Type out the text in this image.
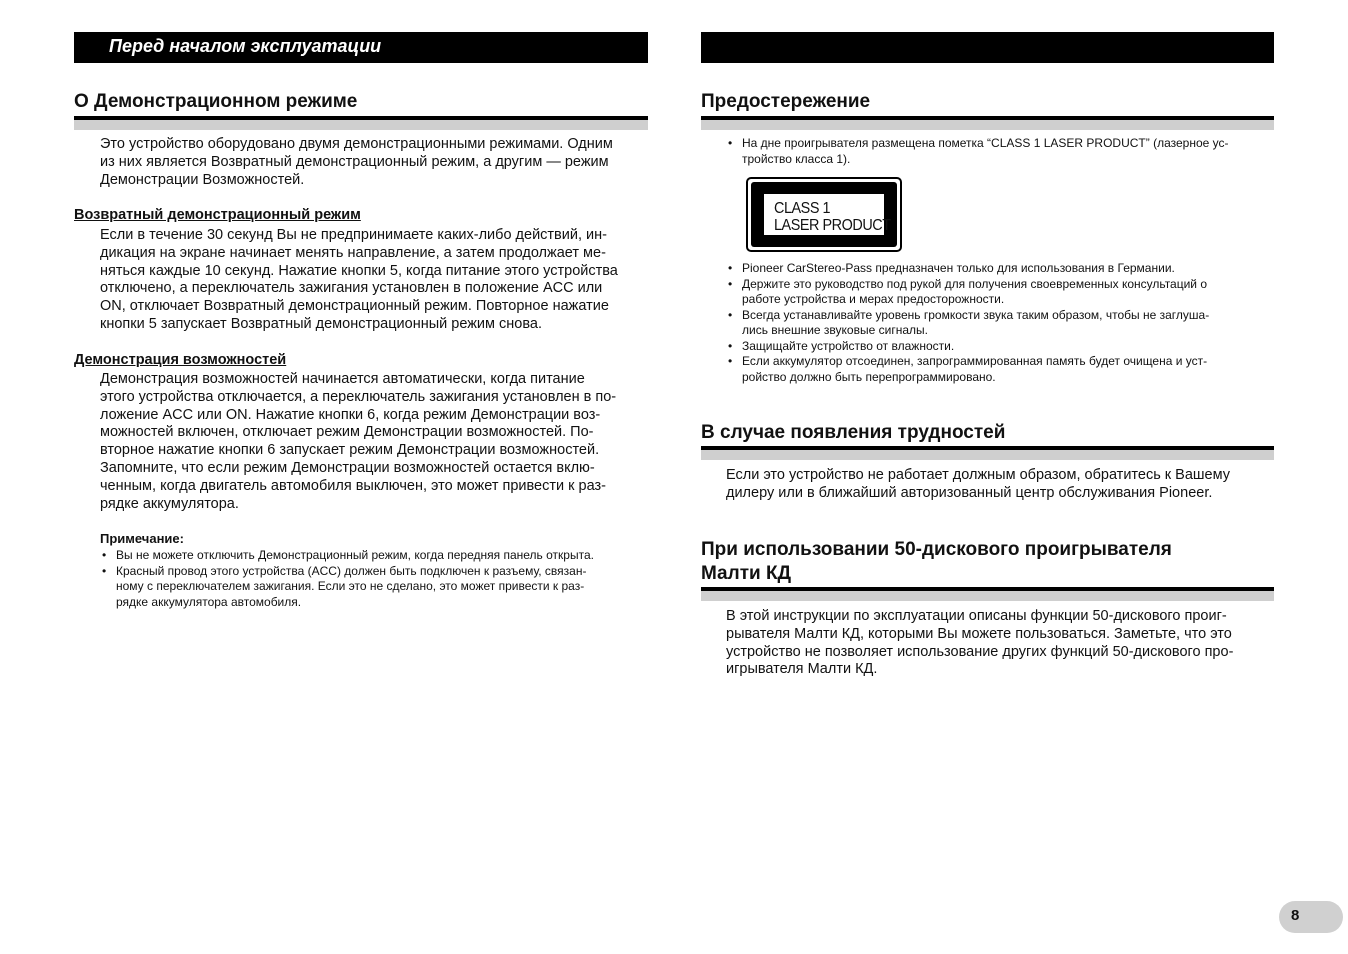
Перед началом эксплуатации
О Демонстрационном режиме
Это устройство оборудовано двумя демонстрационными режимами. Одним
из них является Возвратный демонстрационный режим, а другим — режим
Демонстрации Возможностей.
Возвратный демонстрационный режим
Если в течение 30 секунд Вы не предпринимаете каких-либо действий, ин-
дикация на экране начинает менять направление, а затем продолжает ме-
няться каждые 10 секунд. Нажатие кнопки 5, когда питание этого устройства
отключено, а переключатель зажигания установлен в положение ACC или
ON, отключает Возвратный демонстрационный режим. Повторное нажатие
кнопки 5 запускает Возвратный демонстрационный режим снова.
Демонстрация возможностей
Демонстрация возможностей начинается автоматически, когда питание
этого устройства отключается, а переключатель зажигания установлен в по-
ложение ACC или ON. Нажатие кнопки 6, когда режим Демонстрации воз-
можностей включен, отключает режим Демонстрации возможностей. По-
вторное нажатие кнопки 6 запускает режим Демонстрации возможностей.
Запомните, что если режим Демонстрации возможностей остается вклю-
ченным, когда двигатель автомобиля выключен, это может привести к раз-
рядке аккумулятора.
Примечание:
• Вы не можете отключить Демонстрационный режим, когда передняя панель открыта.
• Красный провод этого устройства (ACC) должен быть подключен к разъему, связан-
ному с переключателем зажигания. Если это не сделано, это может привести к раз-
рядке аккумулятора автомобиля.
Предостережение
• На дне проигрывателя размещена пометка “CLASS 1 LASER PRODUCT” (лазерное ус-
тройство класса 1).
CLASS 1
LASER PRODUCT
• Pioneer CarStereo-Pass предназначен только для использования в Германии.
• Держите это руководство под рукой для получения своевременных консультаций о
работе устройства и мерах предосторожности.
• Всегда устанавливайте уровень громкости звука таким образом, чтобы не заглуша-
лись внешние звуковые сигналы.
• Защищайте устройство от влажности.
• Если аккумулятор отсоединен, запрограммированная память будет очищена и уст-
ройство должно быть перепрограммировано.
В случае появления трудностей
Если это устройство не работает должным образом, обратитесь к Вашему
дилеру или в ближайший авторизованный центр обслуживания Pioneer.
При использовании 50-дискового проигрывателя
Малти КД
В этой инструкции по эксплуатации описаны функции 50-дискового проиг-
рывателя Малти КД, которыми Вы можете пользоваться. Заметьте, что это
устройство не позволяет использование других функций 50-дискового про-
игрывателя Малти КД.
8
